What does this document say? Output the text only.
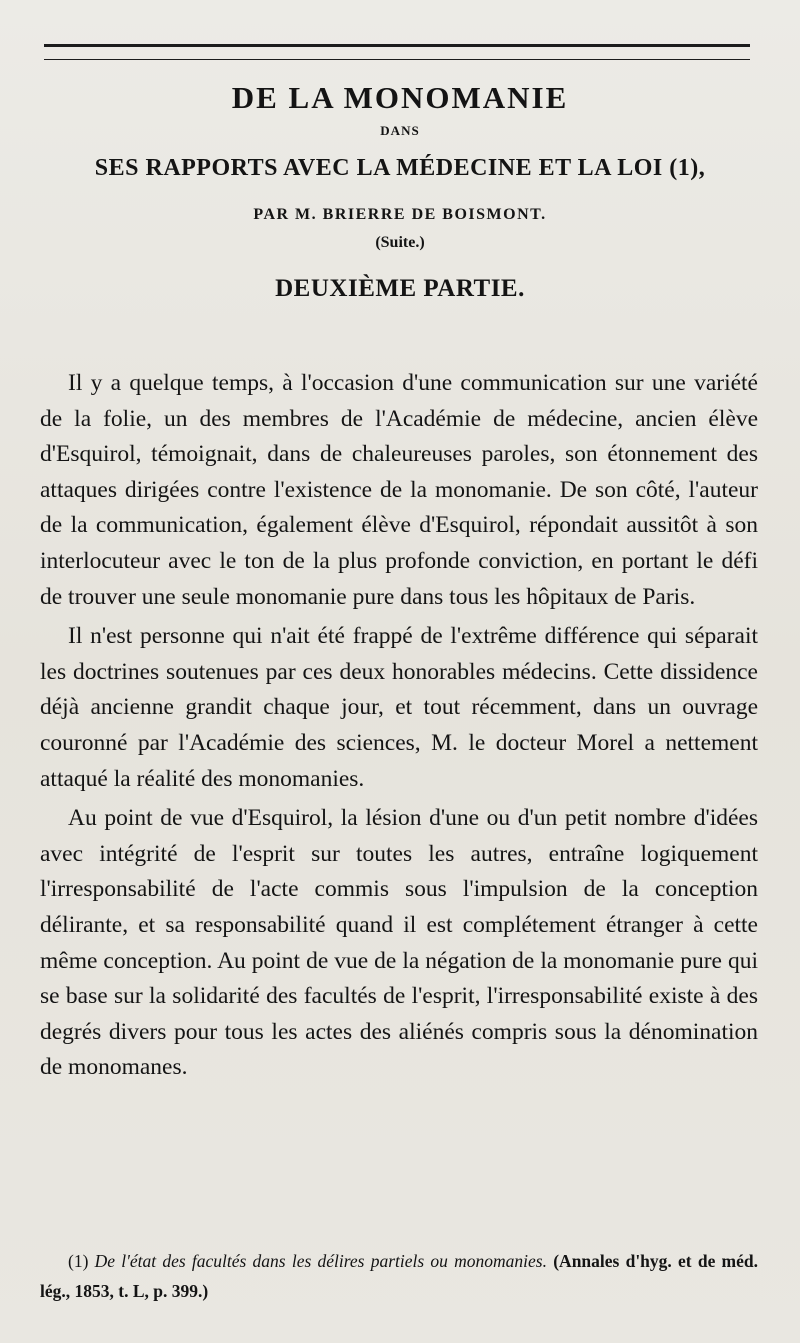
DE LA MONOMANIE
DANS
SES RAPPORTS AVEC LA MÉDECINE ET LA LOI (1),
PAR M. BRIERRE DE BOISMONT.
(Suite.)
DEUXIÈME PARTIE.

Il y a quelque temps, à l'occasion d'une communication sur une variété de la folie, un des membres de l'Académie de médecine, ancien élève d'Esquirol, témoignait, dans de chaleureuses paroles, son étonnement des attaques dirigées contre l'existence de la monomanie. De son côté, l'auteur de la communication, également élève d'Esquirol, répondait aussitôt à son interlocuteur avec le ton de la plus profonde conviction, en portant le défi de trouver une seule monomanie pure dans tous les hôpitaux de Paris.

Il n'est personne qui n'ait été frappé de l'extrême différence qui séparait les doctrines soutenues par ces deux honorables médecins. Cette dissidence déjà ancienne grandit chaque jour, et tout récemment, dans un ouvrage couronné par l'Académie des sciences, M. le docteur Morel a nettement attaqué la réalité des monomanies.

Au point de vue d'Esquirol, la lésion d'une ou d'un petit nombre d'idées avec intégrité de l'esprit sur toutes les autres, entraîne logiquement l'irresponsabilité de l'acte commis sous l'impulsion de la conception délirante, et sa responsabilité quand il est complétement étranger à cette même conception. Au point de vue de la négation de la monomanie pure qui se base sur la solidarité des facultés de l'esprit, l'irresponsabilité existe à des degrés divers pour tous les actes des aliénés compris sous la dénomination de monomanes.

(1) De l'état des facultés dans les délires partiels ou monomanies. (Annales d'hyg. et de méd. lég., 1853, t. L, p. 399.)
